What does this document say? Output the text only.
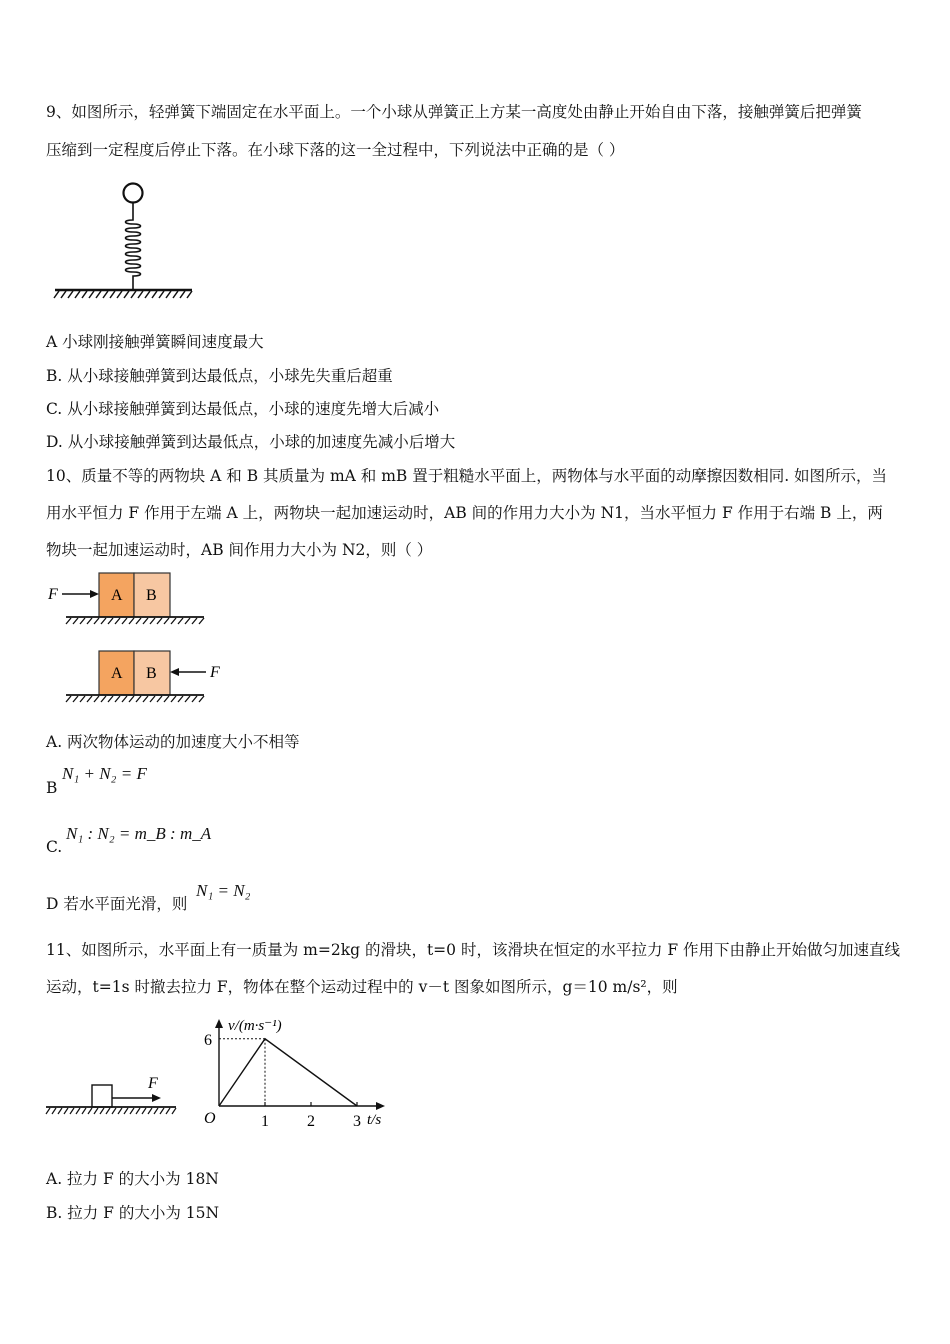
9、如图所示，轻弹簧下端固定在水平面上。一个小球从弹簧正上方某一高度处由静止开始自由下落，接触弹簧后把弹簧
压缩到一定程度后停止下落。在小球下落的这一全过程中，下列说法中正确的是（ ）
A 小球刚接触弹簧瞬间速度最大
B. 从小球接触弹簧到达最低点，小球先失重后超重
C. 从小球接触弹簧到达最低点，小球的速度先增大后减小
D. 从小球接触弹簧到达最低点，小球的加速度先减小后增大
10、质量不等的两物块 A 和 B 其质量为 mA 和 mB 置于粗糙水平面上，两物体与水平面的动摩擦因数相同. 如图所示，当
用水平恒力 F 作用于左端 A 上，两物块一起加速运动时，AB 间的作用力大小为 N1，当水平恒力 F 作用于右端 B 上，两
物块一起加速运动时，AB 间作用力大小为 N2，则（ ）
F	A B
A B	F
A. 两次物体运动的加速度大小不相等
B
N₁ + N₂ = F
C.
N₁ : N₂ = m_B : m_A
D 若水平面光滑，则
N₁ = N₂
11、如图所示，水平面上有一质量为 m=2kg 的滑块，t=0 时，该滑块在恒定的水平拉力 F 作用下由静止开始做匀加速直线
运动，t=1s 时撤去拉力 F，物体在整个运动过程中的 v－t 图象如图所示，g＝10 m/s²，则
F
v/(m·s⁻¹)
t/s
O	1 2 3
6
A. 拉力 F 的大小为 18N
B. 拉力 F 的大小为 15N
